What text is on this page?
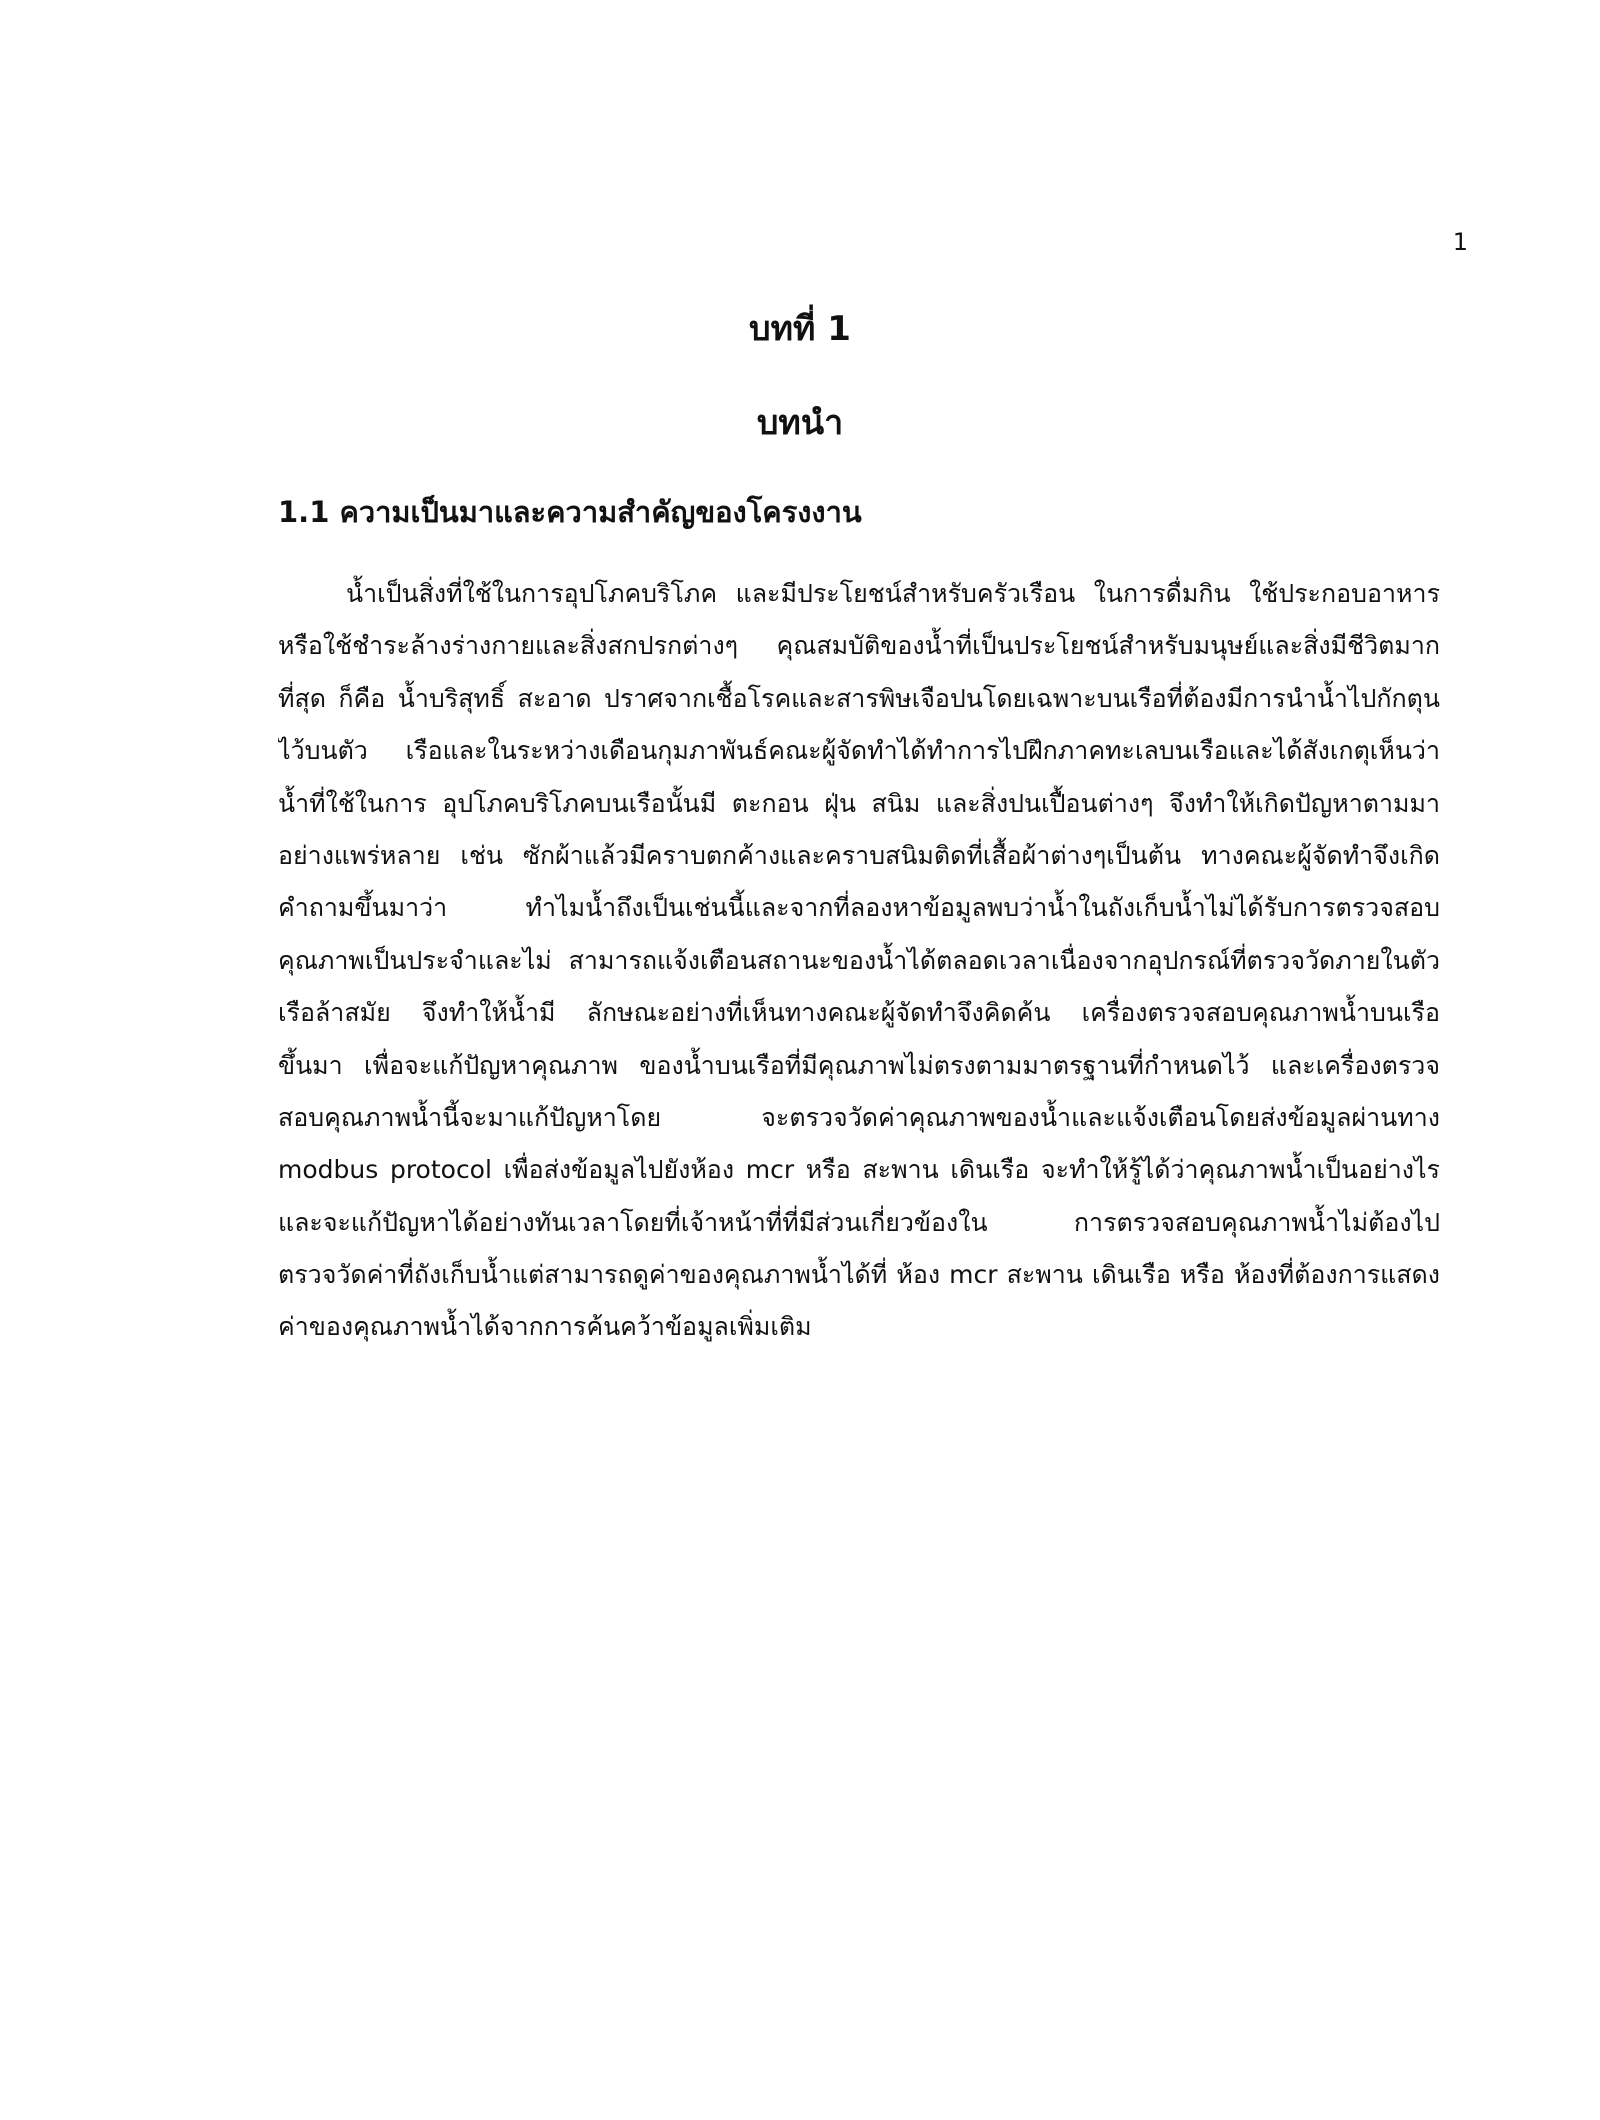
1
บทที่ 1
บทนำ
1.1 ความเป็นมาและความสำคัญของโครงงาน
น้ำเป็นสิ่งที่ใช้ในการอุปโภคบริโภค และมีประโยชน์สำหรับครัวเรือน ในการดื่มกิน ใช้ประกอบอาหาร
หรือใช้ชำระล้างร่างกายและสิ่งสกปรกต่างๆ คุณสมบัติของน้ำที่เป็นประโยชน์สำหรับมนุษย์และสิ่งมีชีวิตมาก
ที่สุด ก็คือ น้ำบริสุทธิ์ สะอาด ปราศจากเชื้อโรคและสารพิษเจือปนโดยเฉพาะบนเรือที่ต้องมีการนำน้ำไปกักตุน
ไว้บนตัว เรือและในระหว่างเดือนกุมภาพันธ์คณะผู้จัดทำได้ทำการไปฝึกภาคทะเลบนเรือและได้สังเกตุเห็นว่า
น้ำที่ใช้ในการ อุปโภคบริโภคบนเรือนั้นมี ตะกอน ฝุ่น สนิม และสิ่งปนเปื้อนต่างๆ จึงทำให้เกิดปัญหาตามมา
อย่างแพร่หลาย เช่น ซักผ้าแล้วมีคราบตกค้างและคราบสนิมติดที่เสื้อผ้าต่างๆเป็นต้น ทางคณะผู้จัดทำจึงเกิด
คำถามขึ้นมาว่า ทำไมน้ำถึงเป็นเช่นนี้และจากที่ลองหาข้อมูลพบว่าน้ำในถังเก็บน้ำไม่ได้รับการตรวจสอบ
คุณภาพเป็นประจำและไม่ สามารถแจ้งเตือนสถานะของน้ำได้ตลอดเวลาเนื่องจากอุปกรณ์ที่ตรวจวัดภายในตัว
เรือล้าสมัย จึงทำให้น้ำมี ลักษณะอย่างที่เห็นทางคณะผู้จัดทำจึงคิดค้น เครื่องตรวจสอบคุณภาพน้ำบนเรือ
ขึ้นมา เพื่อจะแก้ปัญหาคุณภาพ ของน้ำบนเรือที่มีคุณภาพไม่ตรงตามมาตรฐานที่กำหนดไว้ และเครื่องตรวจ
สอบคุณภาพน้ำนี้จะมาแก้ปัญหาโดย จะตรวจวัดค่าคุณภาพของน้ำและแจ้งเตือนโดยส่งข้อมูลผ่านทาง
modbus protocol เพื่อส่งข้อมูลไปยังห้อง mcr หรือ สะพาน เดินเรือ จะทำให้รู้ได้ว่าคุณภาพน้ำเป็นอย่างไร
และจะแก้ปัญหาได้อย่างทันเวลาโดยที่เจ้าหน้าที่ที่มีส่วนเกี่ยวข้องใน การตรวจสอบคุณภาพน้ำไม่ต้องไป
ตรวจวัดค่าที่ถังเก็บน้ำแต่สามารถดูค่าของคุณภาพน้ำได้ที่ ห้อง mcr สะพาน เดินเรือ หรือ ห้องที่ต้องการแสดง
ค่าของคุณภาพน้ำได้จากการค้นคว้าข้อมูลเพิ่มเติม
